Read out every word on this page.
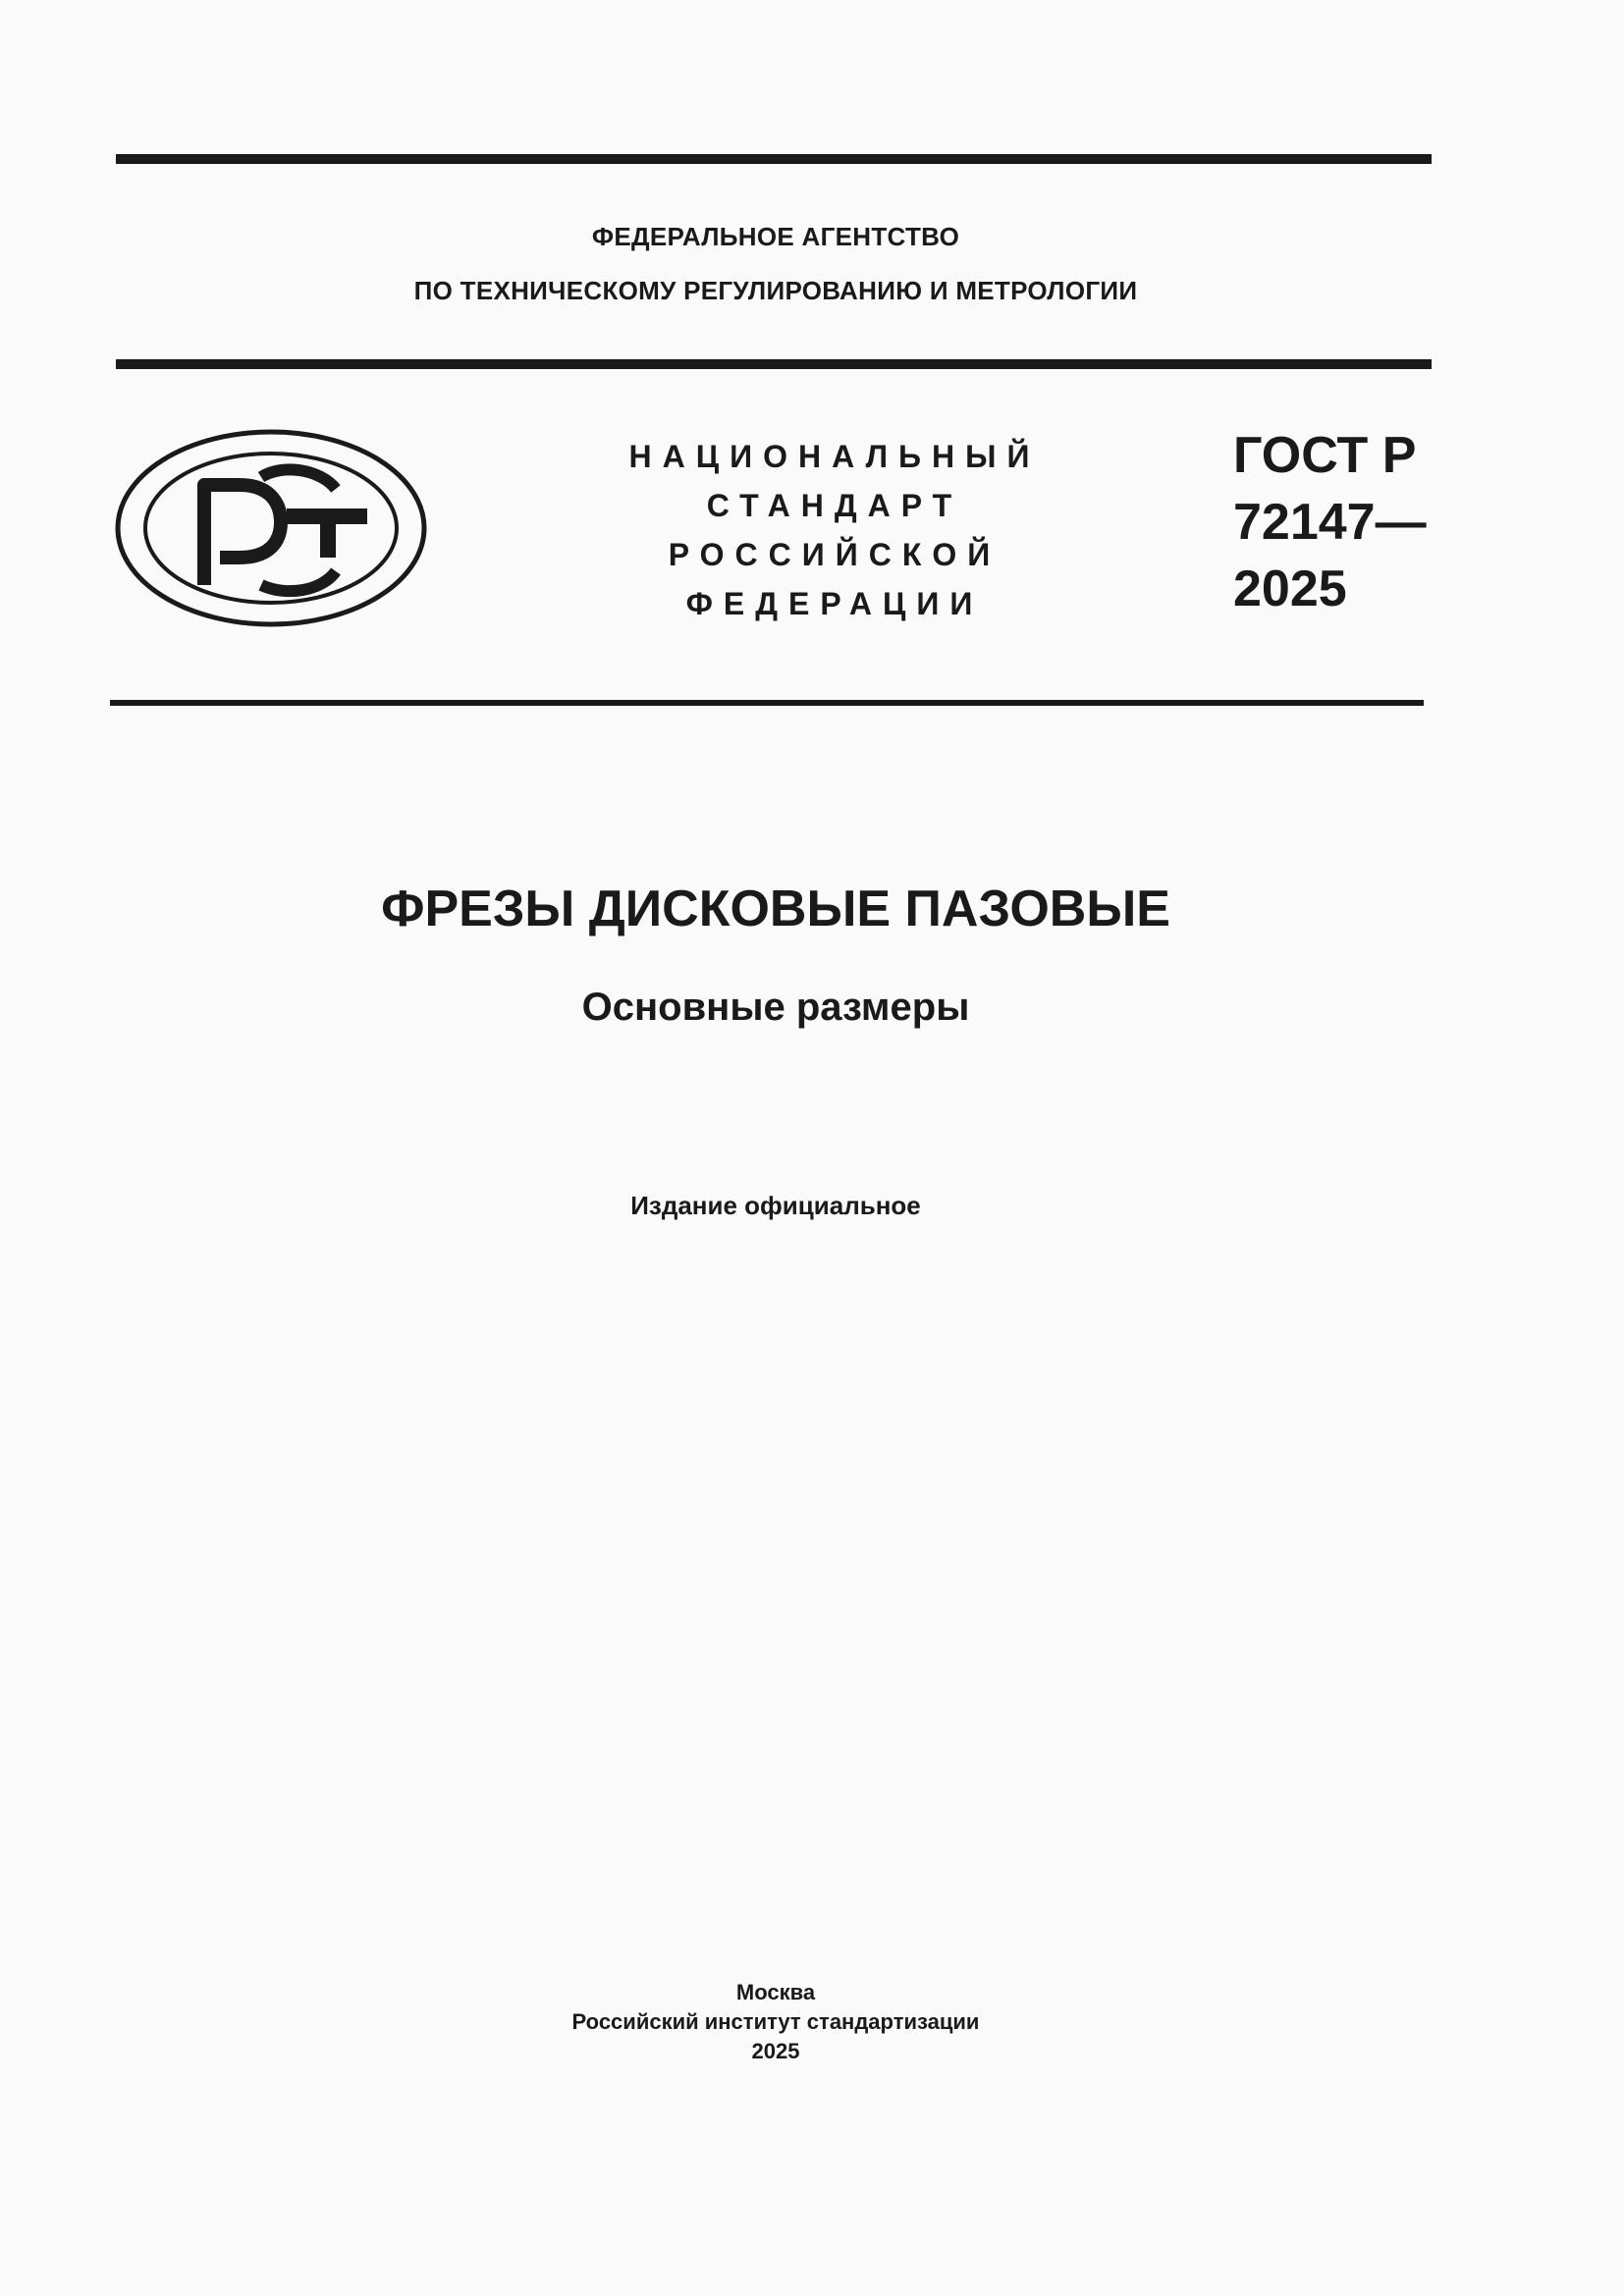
ФЕДЕРАЛЬНОЕ АГЕНТСТВО
ПО ТЕХНИЧЕСКОМУ РЕГУЛИРОВАНИЮ И МЕТРОЛОГИИ
НАЦИОНАЛЬНЫЙ
СТАНДАРТ
РОССИЙСКОЙ
ФЕДЕРАЦИИ
ГОСТ Р
72147—
2025
ФРЕЗЫ ДИСКОВЫЕ ПАЗОВЫЕ
Основные размеры
Издание официальное
Москва
Российский институт стандартизации
2025
